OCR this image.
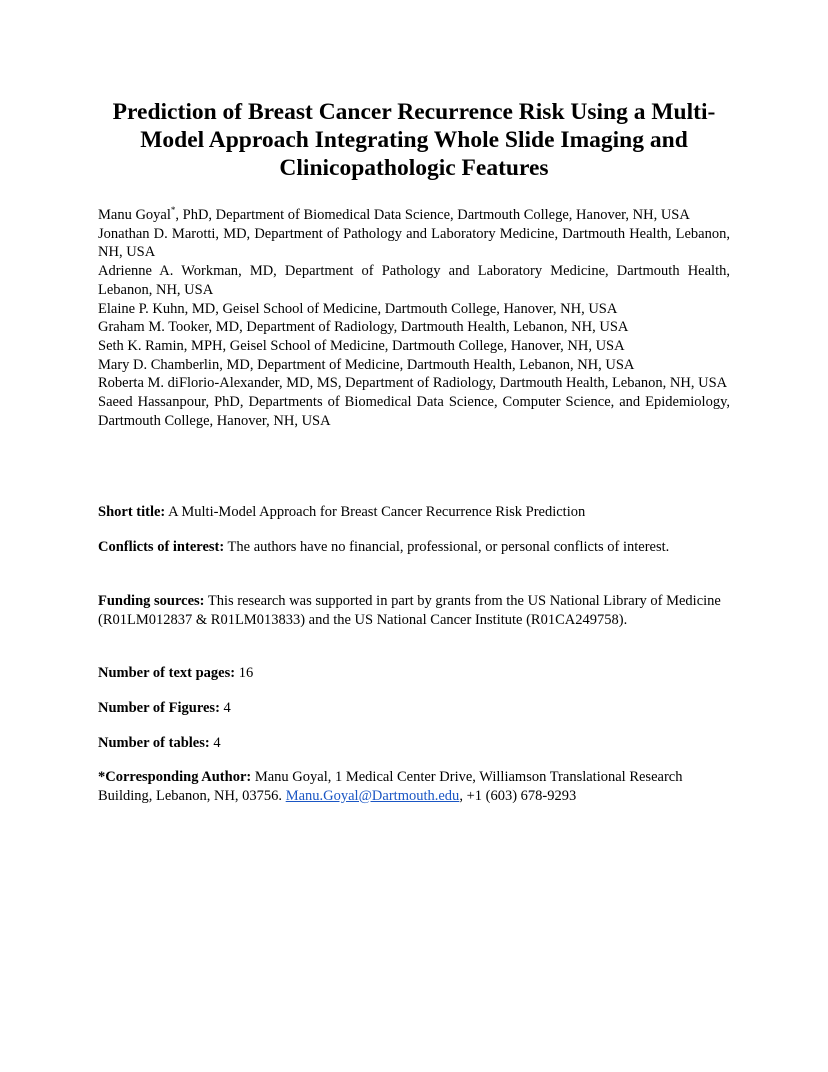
Prediction of Breast Cancer Recurrence Risk Using a Multi-
Model Approach Integrating Whole Slide Imaging and
Clinicopathologic Features
Manu Goyal*, PhD, Department of Biomedical Data Science, Dartmouth College, Hanover, NH, USA
Jonathan D. Marotti, MD, Department of Pathology and Laboratory Medicine, Dartmouth Health, Lebanon, NH, USA
Adrienne A. Workman, MD, Department of Pathology and Laboratory Medicine, Dartmouth Health, Lebanon, NH, USA
Elaine P. Kuhn, MD, Geisel School of Medicine, Dartmouth College, Hanover, NH, USA
Graham M. Tooker, MD, Department of Radiology, Dartmouth Health, Lebanon, NH, USA
Seth K. Ramin, MPH, Geisel School of Medicine, Dartmouth College, Hanover, NH, USA
Mary D. Chamberlin, MD, Department of Medicine, Dartmouth Health, Lebanon, NH, USA
Roberta M. diFlorio-Alexander, MD, MS, Department of Radiology, Dartmouth Health, Lebanon, NH, USA
Saeed Hassanpour, PhD, Departments of Biomedical Data Science, Computer Science, and Epidemiology, Dartmouth College, Hanover, NH, USA
Short title: A Multi-Model Approach for Breast Cancer Recurrence Risk Prediction
Conflicts of interest: The authors have no financial, professional, or personal conflicts of interest.
Funding sources: This research was supported in part by grants from the US National Library of Medicine (R01LM012837 & R01LM013833) and the US National Cancer Institute (R01CA249758).
Number of text pages: 16
Number of Figures: 4
Number of tables: 4
*Corresponding Author: Manu Goyal, 1 Medical Center Drive, Williamson Translational Research Building, Lebanon, NH, 03756. Manu.Goyal@Dartmouth.edu, +1 (603) 678-9293
